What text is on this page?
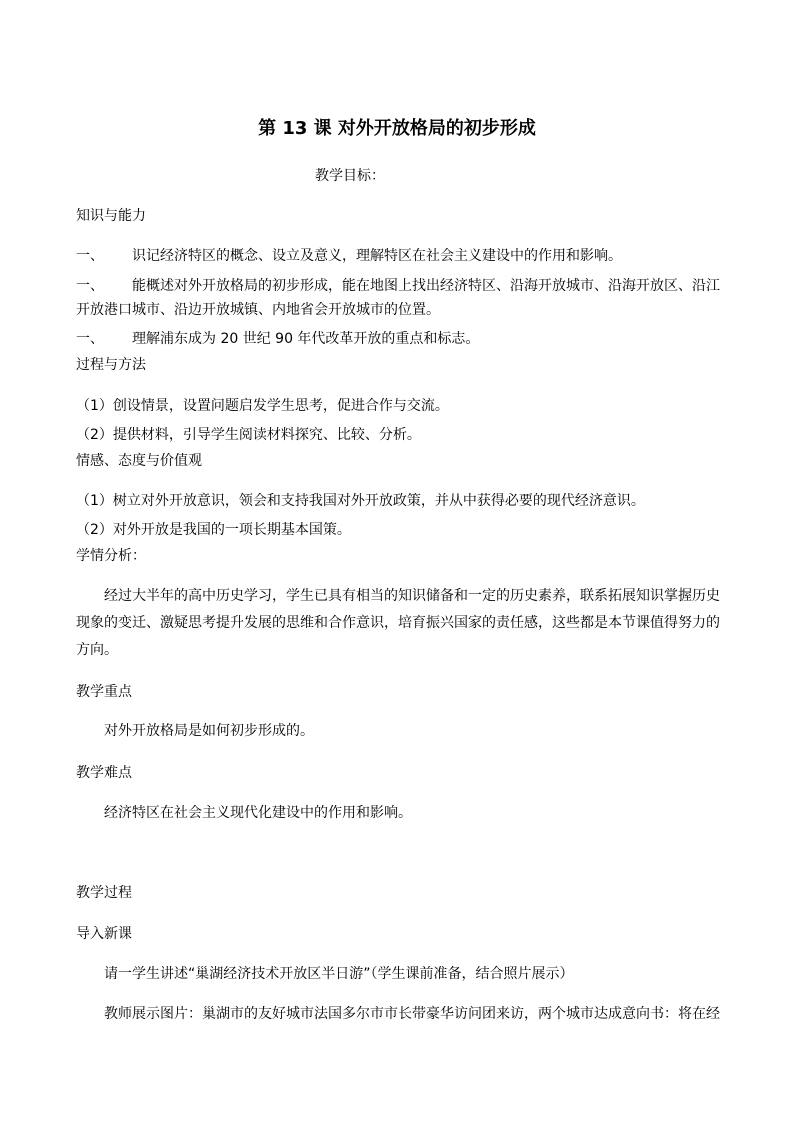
第 13 课 对外开放格局的初步形成
教学目标：
知识与能力
一、 识记经济特区的概念、设立及意义，理解特区在社会主义建设中的作用和影响。
一、 能概述对外开放格局的初步形成，能在地图上找出经济特区、沿海开放城市、沿海开放区、沿江
开放港口城市、沿边开放城镇、内地省会开放城市的位置。
一、 理解浦东成为 20 世纪 90 年代改革开放的重点和标志。
过程与方法
（1）创设情景，设置问题启发学生思考，促进合作与交流。
（2）提供材料，引导学生阅读材料探究、比较、分析。
情感、态度与价值观
（1）树立对外开放意识，领会和支持我国对外开放政策，并从中获得必要的现代经济意识。
（2）对外开放是我国的一项长期基本国策。
学情分析：
经过大半年的高中历史学习，学生已具有相当的知识储备和一定的历史素养，联系拓展知识掌握历史
现象的变迁、激疑思考提升发展的思维和合作意识，培育振兴国家的责任感，这些都是本节课值得努力的
方向。
教学重点
对外开放格局是如何初步形成的。
教学难点
经济特区在社会主义现代化建设中的作用和影响。
教学过程
导入新课
请一学生讲述“巢湖经济技术开放区半日游”（学生课前准备，结合照片展示）
教师展示图片：巢湖市的友好城市法国多尔市市长带豪华访问团来访，两个城市达成意向书：将在经
